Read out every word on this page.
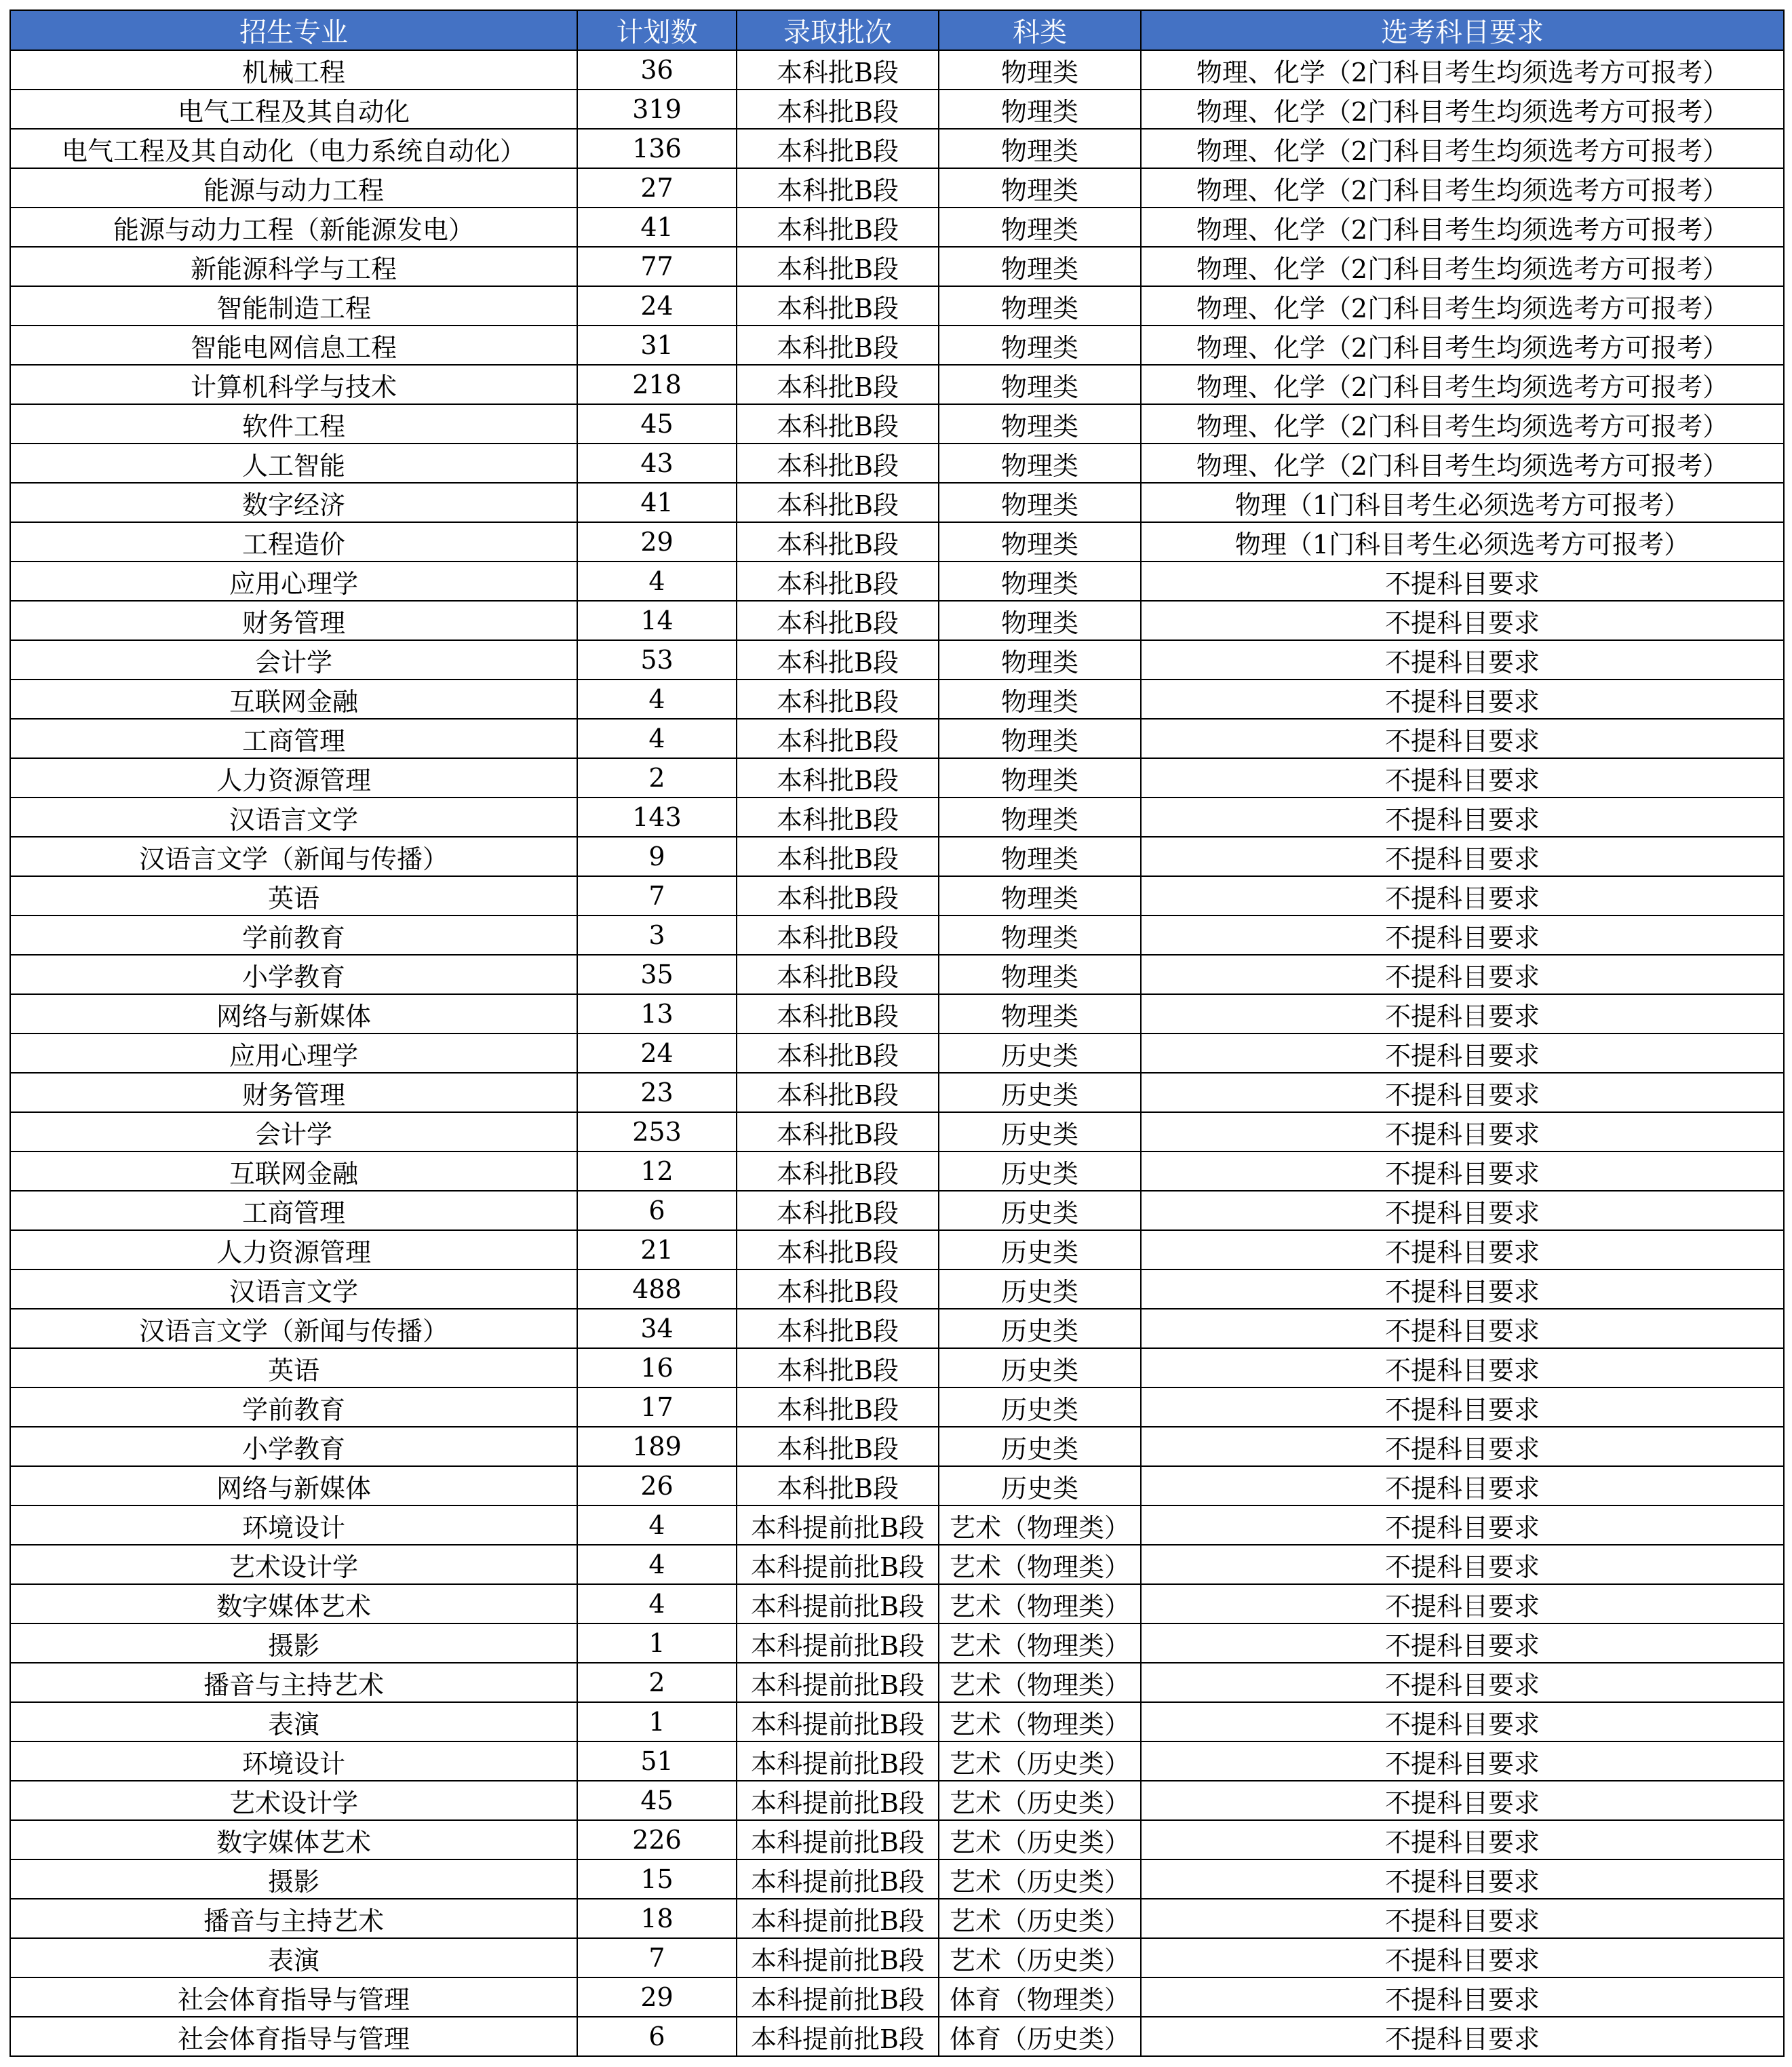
招生专业	计划数	录取批次	科类	选考科目要求
机械工程	36	本科批B段	物理类	物理、化学（2门科目考生均须选考方可报考）
电气工程及其自动化	319	本科批B段	物理类	物理、化学（2门科目考生均须选考方可报考）
电气工程及其自动化（电力系统自动化）	136	本科批B段	物理类	物理、化学（2门科目考生均须选考方可报考）
能源与动力工程	27	本科批B段	物理类	物理、化学（2门科目考生均须选考方可报考）
能源与动力工程（新能源发电）	41	本科批B段	物理类	物理、化学（2门科目考生均须选考方可报考）
新能源科学与工程	77	本科批B段	物理类	物理、化学（2门科目考生均须选考方可报考）
智能制造工程	24	本科批B段	物理类	物理、化学（2门科目考生均须选考方可报考）
智能电网信息工程	31	本科批B段	物理类	物理、化学（2门科目考生均须选考方可报考）
计算机科学与技术	218	本科批B段	物理类	物理、化学（2门科目考生均须选考方可报考）
软件工程	45	本科批B段	物理类	物理、化学（2门科目考生均须选考方可报考）
人工智能	43	本科批B段	物理类	物理、化学（2门科目考生均须选考方可报考）
数字经济	41	本科批B段	物理类	物理（1门科目考生必须选考方可报考）
工程造价	29	本科批B段	物理类	物理（1门科目考生必须选考方可报考）
应用心理学	4	本科批B段	物理类	不提科目要求
财务管理	14	本科批B段	物理类	不提科目要求
会计学	53	本科批B段	物理类	不提科目要求
互联网金融	4	本科批B段	物理类	不提科目要求
工商管理	4	本科批B段	物理类	不提科目要求
人力资源管理	2	本科批B段	物理类	不提科目要求
汉语言文学	143	本科批B段	物理类	不提科目要求
汉语言文学（新闻与传播）	9	本科批B段	物理类	不提科目要求
英语	7	本科批B段	物理类	不提科目要求
学前教育	3	本科批B段	物理类	不提科目要求
小学教育	35	本科批B段	物理类	不提科目要求
网络与新媒体	13	本科批B段	物理类	不提科目要求
应用心理学	24	本科批B段	历史类	不提科目要求
财务管理	23	本科批B段	历史类	不提科目要求
会计学	253	本科批B段	历史类	不提科目要求
互联网金融	12	本科批B段	历史类	不提科目要求
工商管理	6	本科批B段	历史类	不提科目要求
人力资源管理	21	本科批B段	历史类	不提科目要求
汉语言文学	488	本科批B段	历史类	不提科目要求
汉语言文学（新闻与传播）	34	本科批B段	历史类	不提科目要求
英语	16	本科批B段	历史类	不提科目要求
学前教育	17	本科批B段	历史类	不提科目要求
小学教育	189	本科批B段	历史类	不提科目要求
网络与新媒体	26	本科批B段	历史类	不提科目要求
环境设计	4	本科提前批B段	艺术（物理类）	不提科目要求
艺术设计学	4	本科提前批B段	艺术（物理类）	不提科目要求
数字媒体艺术	4	本科提前批B段	艺术（物理类）	不提科目要求
摄影	1	本科提前批B段	艺术（物理类）	不提科目要求
播音与主持艺术	2	本科提前批B段	艺术（物理类）	不提科目要求
表演	1	本科提前批B段	艺术（物理类）	不提科目要求
环境设计	51	本科提前批B段	艺术（历史类）	不提科目要求
艺术设计学	45	本科提前批B段	艺术（历史类）	不提科目要求
数字媒体艺术	226	本科提前批B段	艺术（历史类）	不提科目要求
摄影	15	本科提前批B段	艺术（历史类）	不提科目要求
播音与主持艺术	18	本科提前批B段	艺术（历史类）	不提科目要求
表演	7	本科提前批B段	艺术（历史类）	不提科目要求
社会体育指导与管理	29	本科提前批B段	体育（物理类）	不提科目要求
社会体育指导与管理	6	本科提前批B段	体育（历史类）	不提科目要求
